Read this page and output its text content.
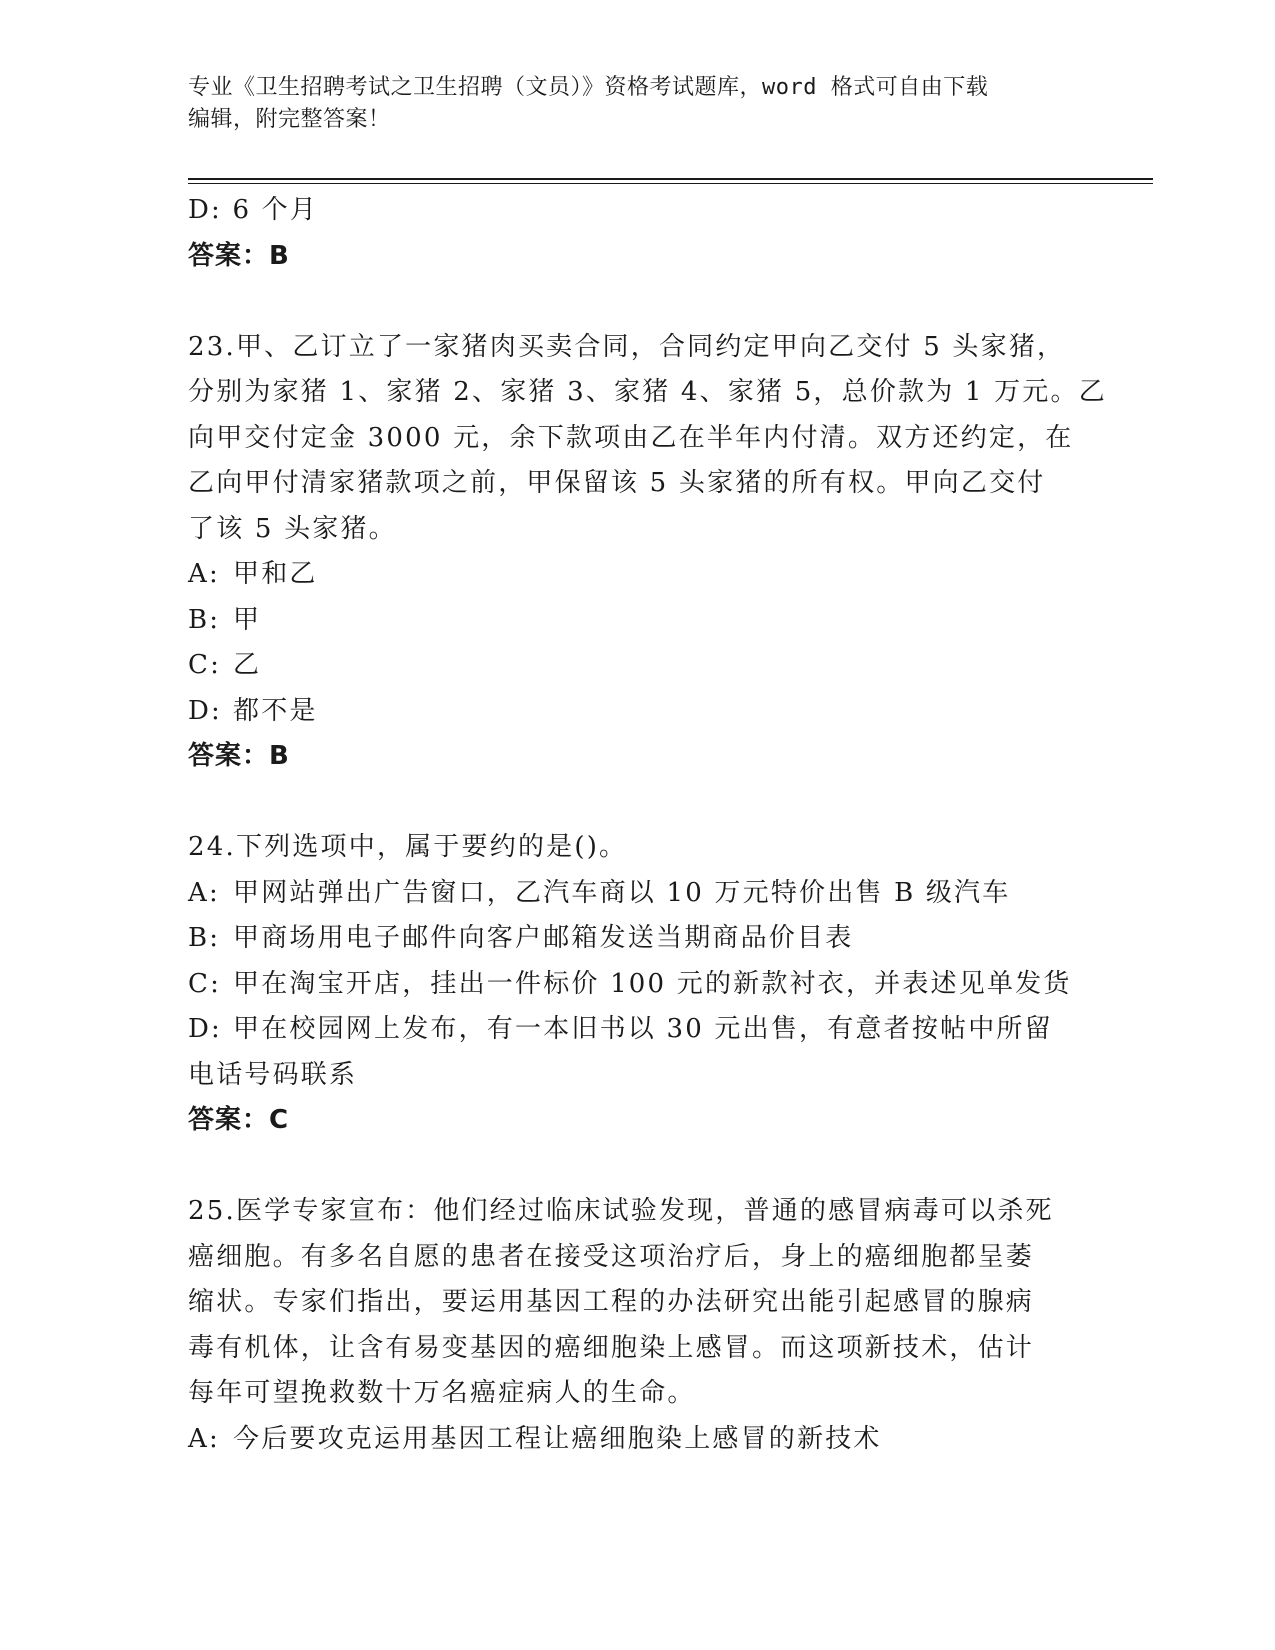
专业《卫生招聘考试之卫生招聘（文员）》资格考试题库，word 格式可自由下载
编辑，附完整答案！
D: 6 个月
答案：B
23.甲、乙订立了一家猪肉买卖合同，合同约定甲向乙交付 5 头家猪，
分别为家猪 1、家猪 2、家猪 3、家猪 4、家猪 5，总价款为 1 万元。乙
向甲交付定金 3000 元，余下款项由乙在半年内付清。双方还约定，在
乙向甲付清家猪款项之前，甲保留该 5 头家猪的所有权。甲向乙交付
了该 5 头家猪。
A: 甲和乙
B: 甲
C: 乙
D: 都不是
答案：B
24.下列选项中，属于要约的是()。
A: 甲网站弹出广告窗口，乙汽车商以 10 万元特价出售 B 级汽车
B: 甲商场用电子邮件向客户邮箱发送当期商品价目表
C: 甲在淘宝开店，挂出一件标价 100 元的新款衬衣，并表述见单发货
D: 甲在校园网上发布，有一本旧书以 30 元出售，有意者按帖中所留
电话号码联系
答案：C
25.医学专家宣布：他们经过临床试验发现，普通的感冒病毒可以杀死
癌细胞。有多名自愿的患者在接受这项治疗后，身上的癌细胞都呈萎
缩状。专家们指出，要运用基因工程的办法研究出能引起感冒的腺病
毒有机体，让含有易变基因的癌细胞染上感冒。而这项新技术，估计
每年可望挽救数十万名癌症病人的生命。
A: 今后要攻克运用基因工程让癌细胞染上感冒的新技术
